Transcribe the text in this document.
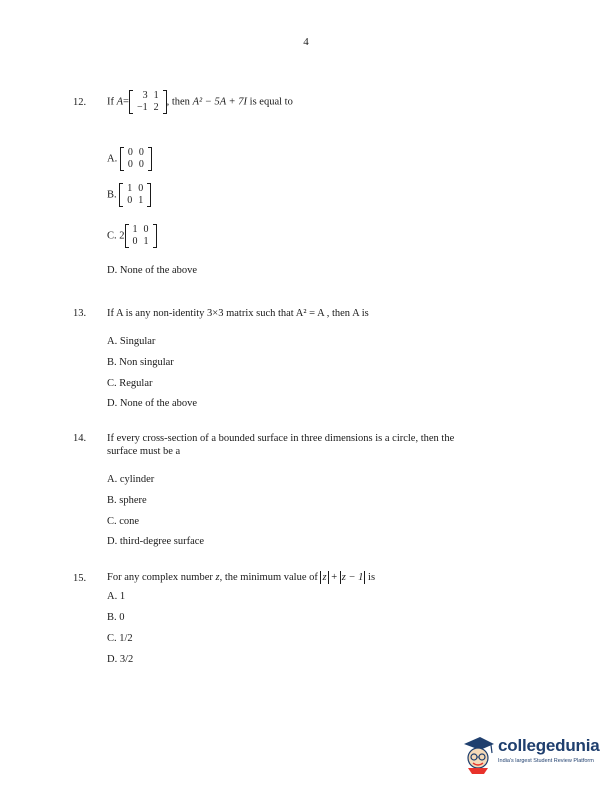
4
12. If A=
3	1
−1	2
, then A² − 5A + 7I is equal to
A.
0	0
0	0
B.
1	0
0	1
C. 2
1	0
0	1
D. None of the above
13. If A is any non-identity 3×3 matrix such that A² = A , then A is
A. Singular
B. Non singular
C. Regular
D. None of the above
14. If every cross-section of a bounded surface in three dimensions is a circle, then the
surface must be a
A. cylinder
B. sphere
C. cone
D. third-degree surface
15. For any complex number z, the minimum value of z + z − 1 is
A. 1
B. 0
C. 1/2
D. 3/2
collegedunia
India's largest Student Review Platform
